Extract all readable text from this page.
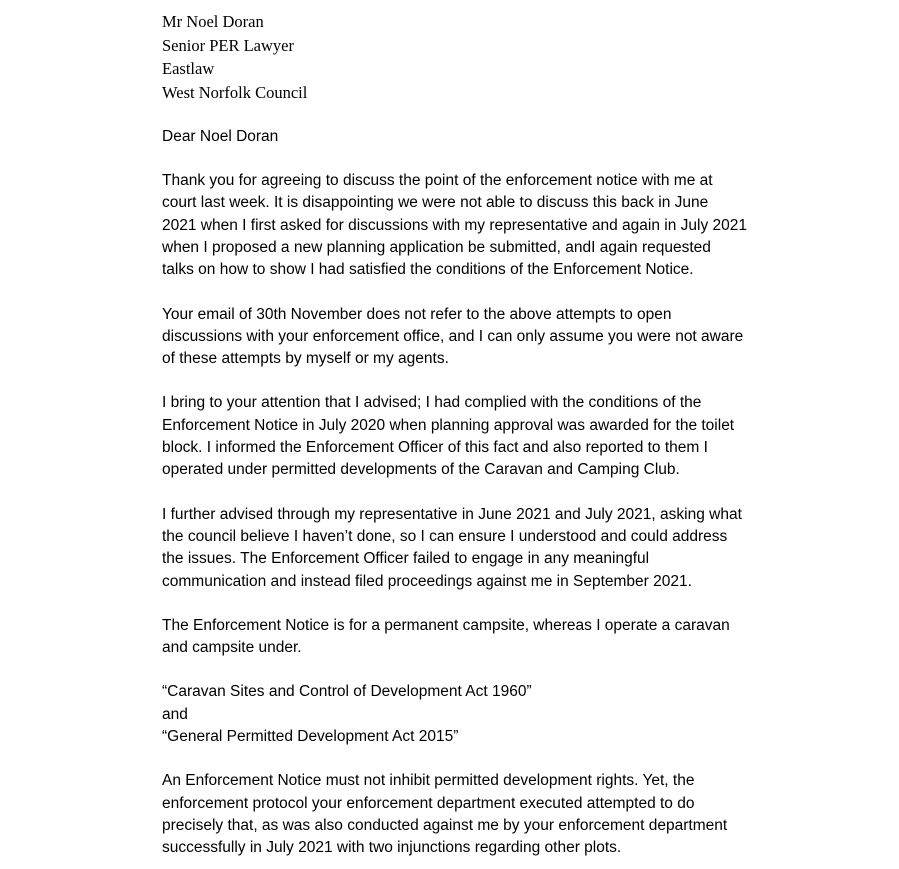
Mr Noel Doran
Senior PER Lawyer
Eastlaw
West Norfolk Council
Dear Noel Doran
Thank you for agreeing to discuss the point of the enforcement notice with me at
court last week. It is disappointing we were not able to discuss this back in June
2021 when I first asked for discussions with my representative and again in July 2021
when I proposed a new planning application be submitted, andI again requested
talks on how to show I had satisfied the conditions of the Enforcement Notice.
Your email of 30th November does not refer to the above attempts to open
discussions with your enforcement office, and I can only assume you were not aware
of these attempts by myself or my agents.
I bring to your attention that I advised; I had complied with the conditions of the
Enforcement Notice in July 2020 when planning approval was awarded for the toilet
block. I informed the Enforcement Officer of this fact and also reported to them I
operated under permitted developments of the Caravan and Camping Club.
I further advised through my representative in June 2021 and July 2021, asking what
the council believe I haven’t done, so I can ensure I understood and could address
the issues. The Enforcement Officer failed to engage in any meaningful
communication and instead filed proceedings against me in September 2021.
The Enforcement Notice is for a permanent campsite, whereas I operate a caravan
and campsite under.
“Caravan Sites and Control of Development Act 1960”
and
“General Permitted Development Act 2015”
An Enforcement Notice must not inhibit permitted development rights. Yet, the
enforcement protocol your enforcement department executed attempted to do
precisely that, as was also conducted against me by your enforcement department
successfully in July 2021 with two injunctions regarding other plots.
